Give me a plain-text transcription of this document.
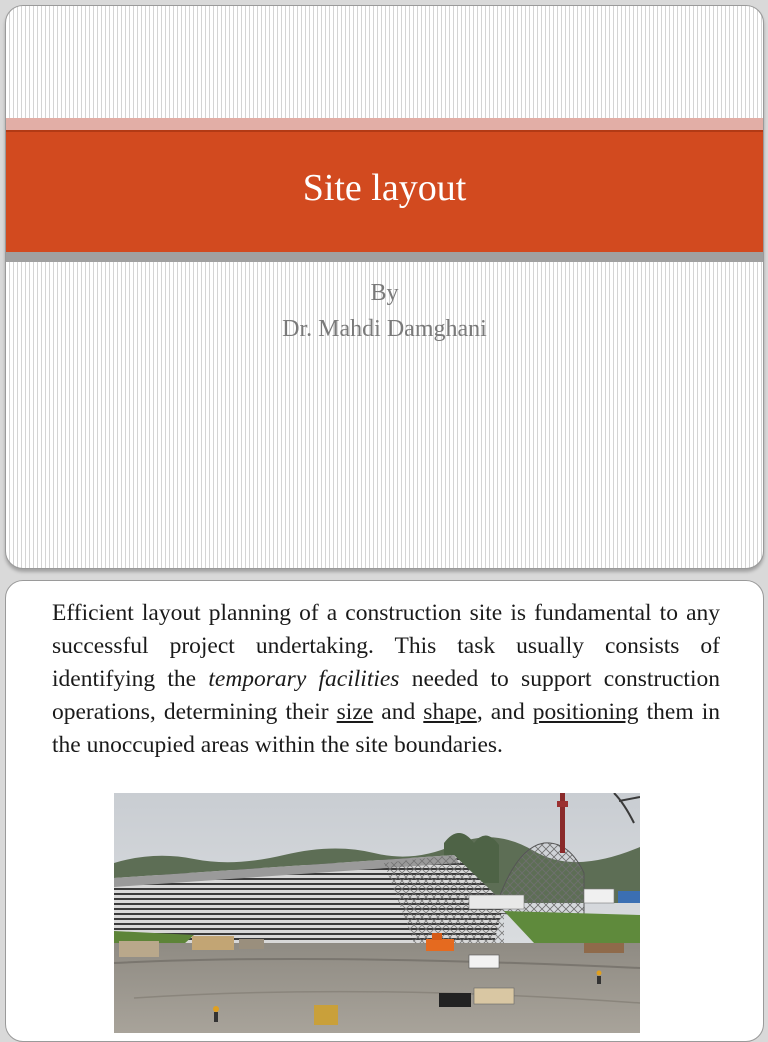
Site layout
By
Dr. Mahdi Damghani
Efficient layout planning of a construction site is fundamental to any successful project undertaking. This task usually consists of identifying the temporary facilities needed to support construction operations, determining their size and shape, and positioning them in the unoccupied areas within the site boundaries.
